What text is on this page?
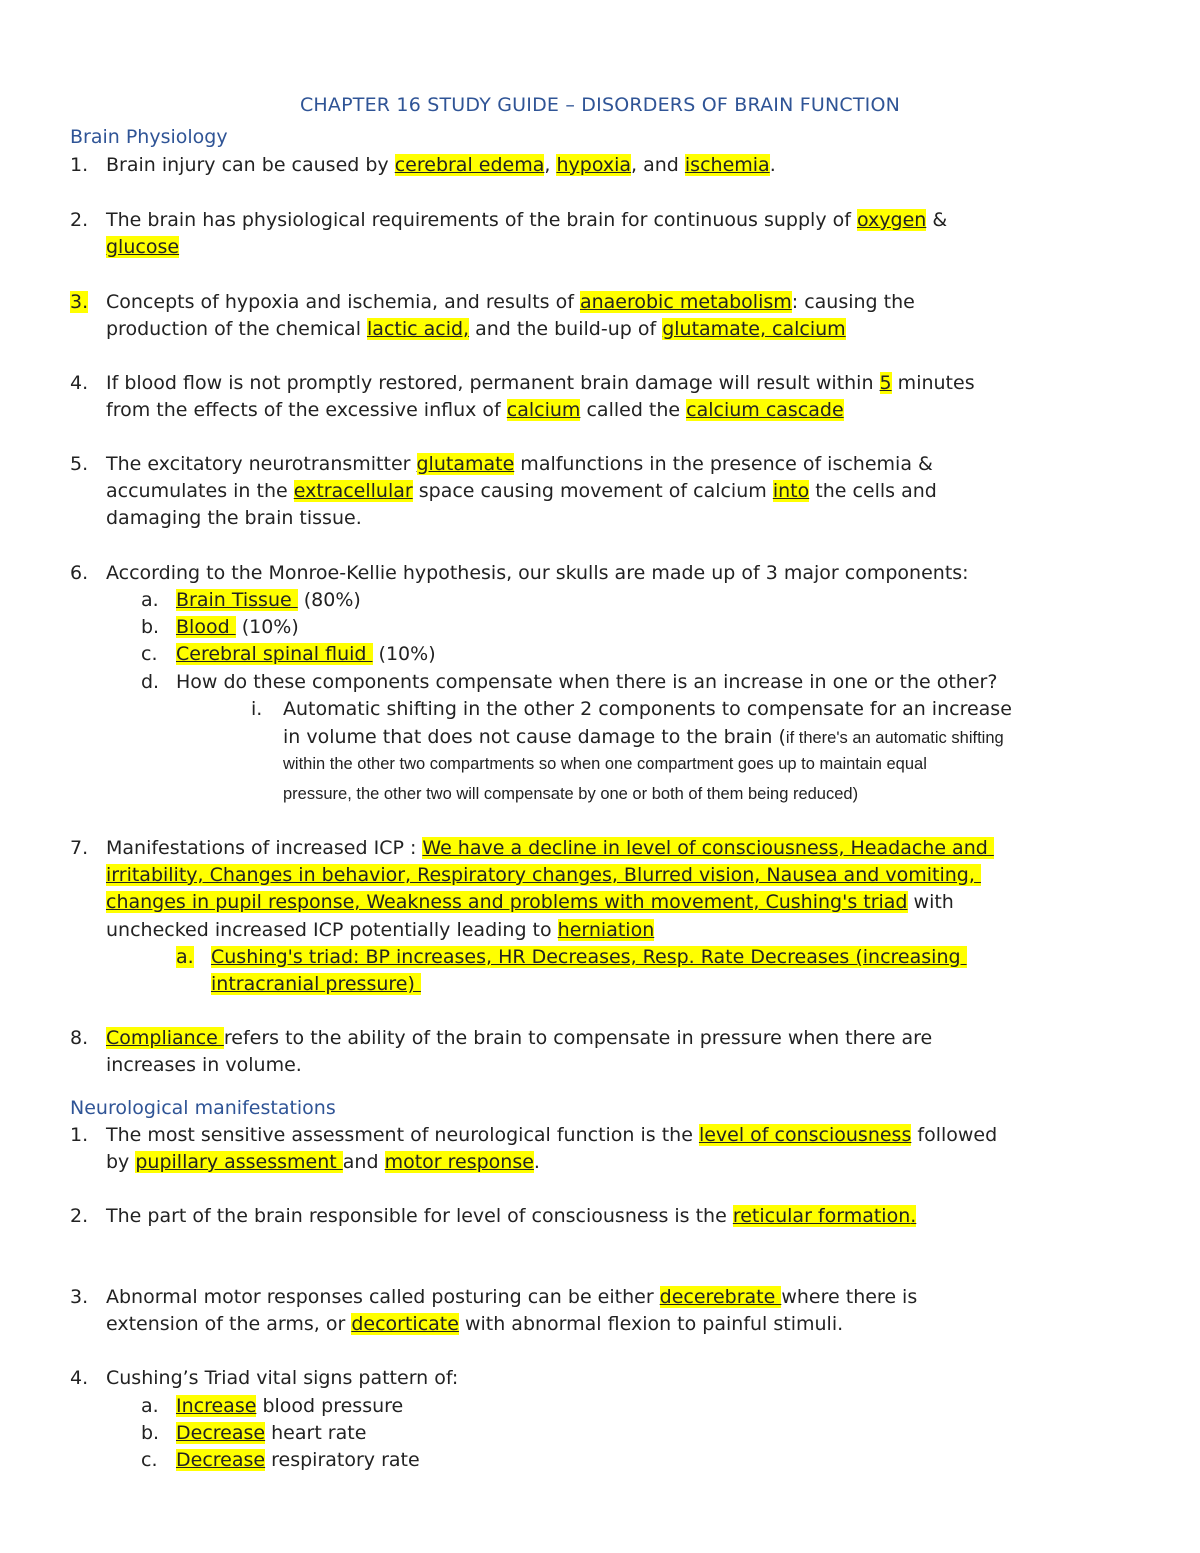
CHAPTER 16 STUDY GUIDE – DISORDERS OF BRAIN FUNCTION
Brain Physiology
1. Brain injury can be caused by cerebral edema, hypoxia, and ischemia.
2. The brain has physiological requirements of the brain for continuous supply of oxygen &
glucose
3. Concepts of hypoxia and ischemia, and results of anaerobic metabolism: causing the
production of the chemical lactic acid, and the build-up of glutamate, calcium
4. If blood flow is not promptly restored, permanent brain damage will result within 5 minutes
from the effects of the excessive influx of calcium called the calcium cascade
5. The excitatory neurotransmitter glutamate malfunctions in the presence of ischemia &
accumulates in the extracellular space causing movement of calcium into the cells and
damaging the brain tissue.
6. According to the Monroe-Kellie hypothesis, our skulls are made up of 3 major components:
a. Brain Tissue  (80%)
b. Blood  (10%)
c. Cerebral spinal fluid  (10%)
d. How do these components compensate when there is an increase in one or the other?
i. Automatic shifting in the other 2 components to compensate for an increase
in volume that does not cause damage to the brain (if there's an automatic shifting
within the other two compartments so when one compartment goes up to maintain equal
pressure, the other two will compensate by one or both of them being reduced)
7. Manifestations of increased ICP : We have a decline in level of consciousness, Headache and
irritability, Changes in behavior, Respiratory changes, Blurred vision, Nausea and vomiting,
changes in pupil response, Weakness and problems with movement, Cushing's triad with
unchecked increased ICP potentially leading to herniation
a. Cushing's triad: BP increases, HR Decreases, Resp. Rate Decreases (increasing
intracranial pressure)
8. Compliance refers to the ability of the brain to compensate in pressure when there are
increases in volume.
Neurological manifestations
1. The most sensitive assessment of neurological function is the level of consciousness followed
by pupillary assessment and motor response.
2. The part of the brain responsible for level of consciousness is the reticular formation.
3. Abnormal motor responses called posturing can be either decerebrate where there is
extension of the arms, or decorticate with abnormal flexion to painful stimuli.
4. Cushing’s Triad vital signs pattern of:
a. Increase blood pressure
b. Decrease heart rate
c. Decrease respiratory rate
